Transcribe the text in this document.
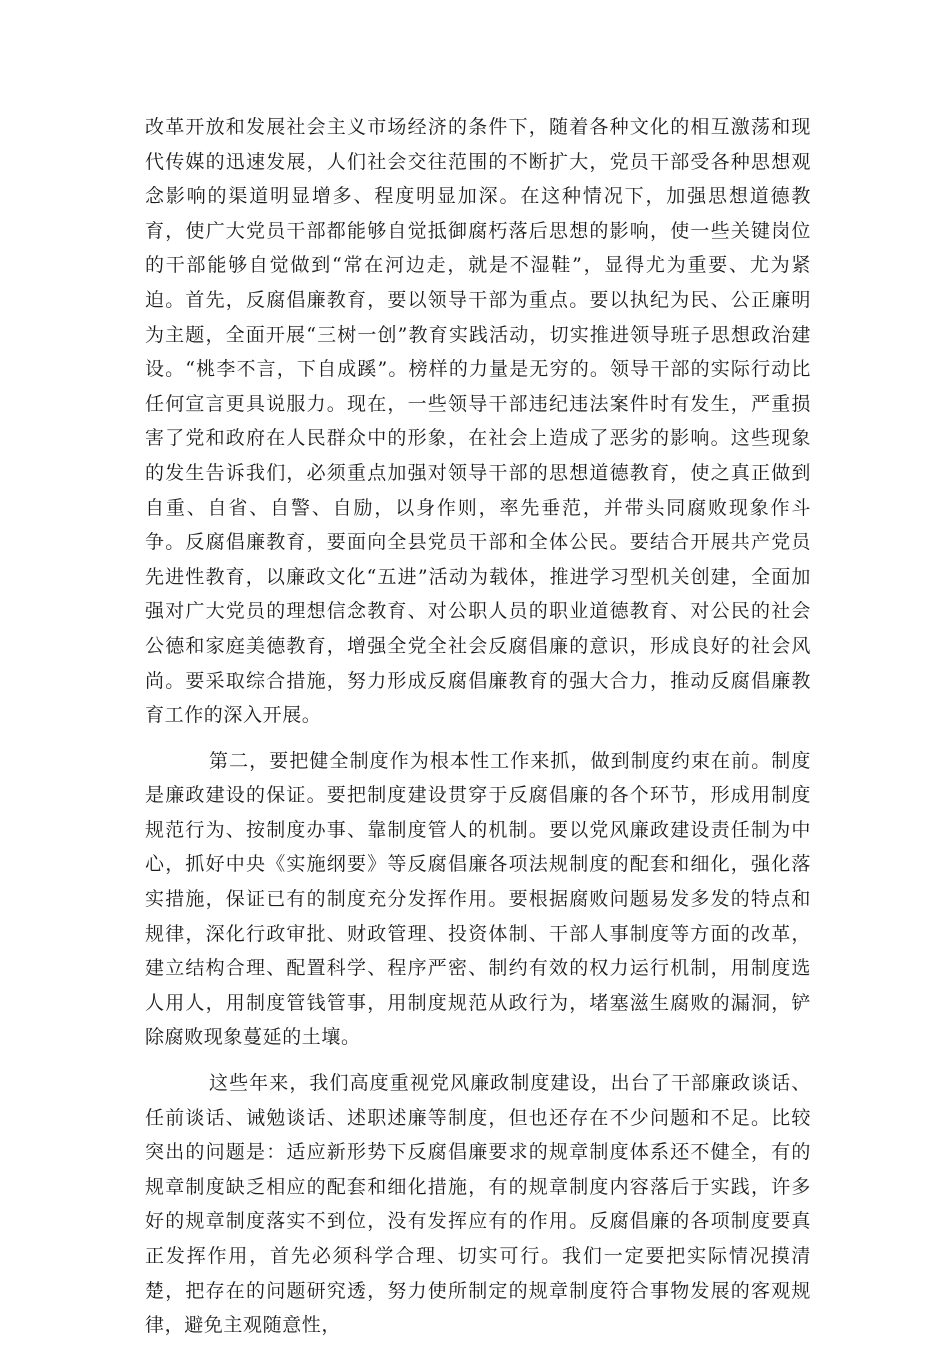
改革开放和发展社会主义市场经济的条件下，随着各种文化的相互激荡和现代传媒的迅速发展，人们社会交往范围的不断扩大，党员干部受各种思想观念影响的渠道明显增多、程度明显加深。在这种情况下，加强思想道德教育，使广大党员干部都能够自觉抵御腐朽落后思想的影响，使一些关键岗位的干部能够自觉做到“常在河边走，就是不湿鞋”，显得尤为重要、尤为紧迫。首先，反腐倡廉教育，要以领导干部为重点。要以执纪为民、公正廉明为主题，全面开展“三树一创”教育实践活动，切实推进领导班子思想政治建设。“桃李不言，下自成蹊”。榜样的力量是无穷的。领导干部的实际行动比任何宣言更具说服力。现在，一些领导干部违纪违法案件时有发生，严重损害了党和政府在人民群众中的形象，在社会上造成了恶劣的影响。这些现象的发生告诉我们，必须重点加强对领导干部的思想道德教育，使之真正做到自重、自省、自警、自励，以身作则，率先垂范，并带头同腐败现象作斗争。反腐倡廉教育，要面向全县党员干部和全体公民。要结合开展共产党员先进性教育，以廉政文化“五进”活动为载体，推进学习型机关创建，全面加强对广大党员的理想信念教育、对公职人员的职业道德教育、对公民的社会公德和家庭美德教育，增强全党全社会反腐倡廉的意识，形成良好的社会风尚。要采取综合措施，努力形成反腐倡廉教育的强大合力，推动反腐倡廉教育工作的深入开展。

第二，要把健全制度作为根本性工作来抓，做到制度约束在前。制度是廉政建设的保证。要把制度建设贯穿于反腐倡廉的各个环节，形成用制度规范行为、按制度办事、靠制度管人的机制。要以党风廉政建设责任制为中心，抓好中央《实施纲要》等反腐倡廉各项法规制度的配套和细化，强化落实措施，保证已有的制度充分发挥作用。要根据腐败问题易发多发的特点和规律，深化行政审批、财政管理、投资体制、干部人事制度等方面的改革，建立结构合理、配置科学、程序严密、制约有效的权力运行机制，用制度选人用人，用制度管钱管事，用制度规范从政行为，堵塞滋生腐败的漏洞，铲除腐败现象蔓延的土壤。

这些年来，我们高度重视党风廉政制度建设，出台了干部廉政谈话、任前谈话、诫勉谈话、述职述廉等制度，但也还存在不少问题和不足。比较突出的问题是：适应新形势下反腐倡廉要求的规章制度体系还不健全，有的规章制度缺乏相应的配套和细化措施，有的规章制度内容落后于实践，许多好的规章制度落实不到位，没有发挥应有的作用。反腐倡廉的各项制度要真正发挥作用，首先必须科学合理、切实可行。我们一定要把实际情况摸清楚，把存在的问题研究透，努力使所制定的规章制度符合事物发展的客观规律，避免主观随意性，
